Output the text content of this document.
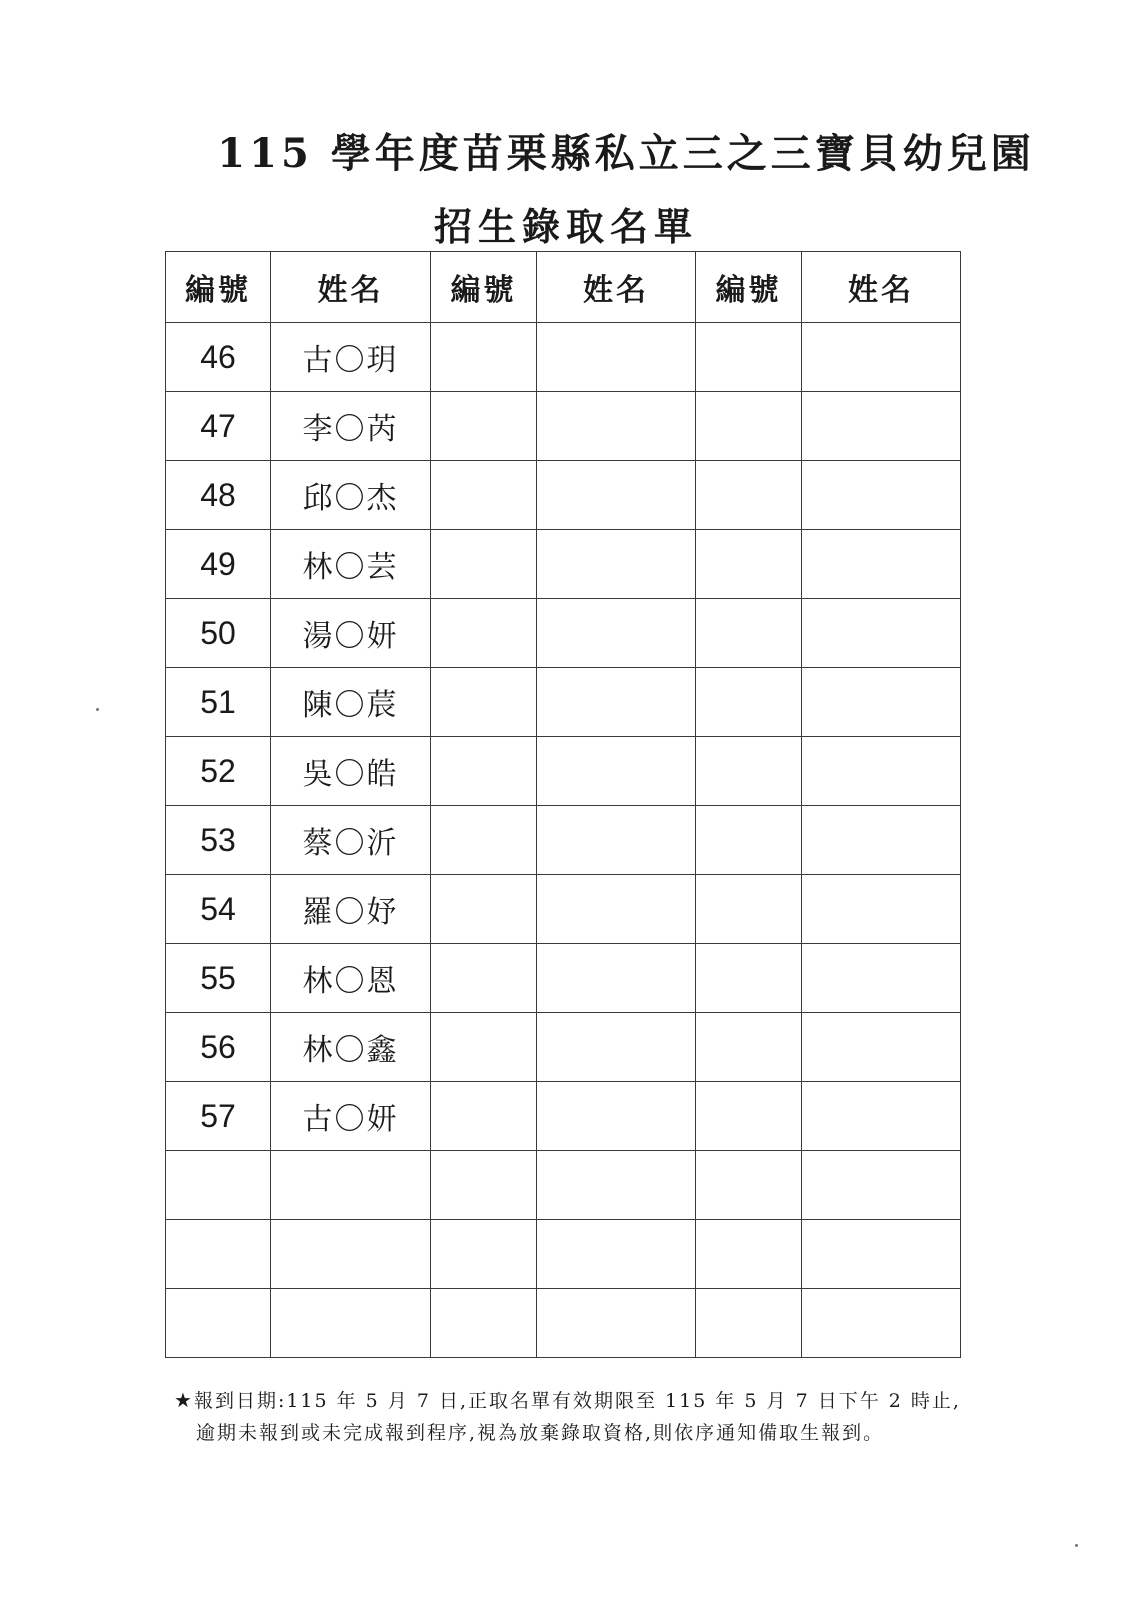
115 學年度苗栗縣私立三之三寶貝幼兒園
招生錄取名單
編號	姓名	編號	姓名	編號	姓名
46	古〇玥				
47	李〇芮				
48	邱〇杰				
49	林〇芸				
50	湯〇妍				
51	陳〇莀				
52	吳〇皓				
53	蔡〇沂				
54	羅〇妤				
55	林〇恩				
56	林〇鑫				
57	古〇妍				

★報到日期:115 年 5 月 7 日,正取名單有效期限至 115 年 5 月 7 日下午 2 時止,
逾期未報到或未完成報到程序,視為放棄錄取資格,則依序通知備取生報到。
